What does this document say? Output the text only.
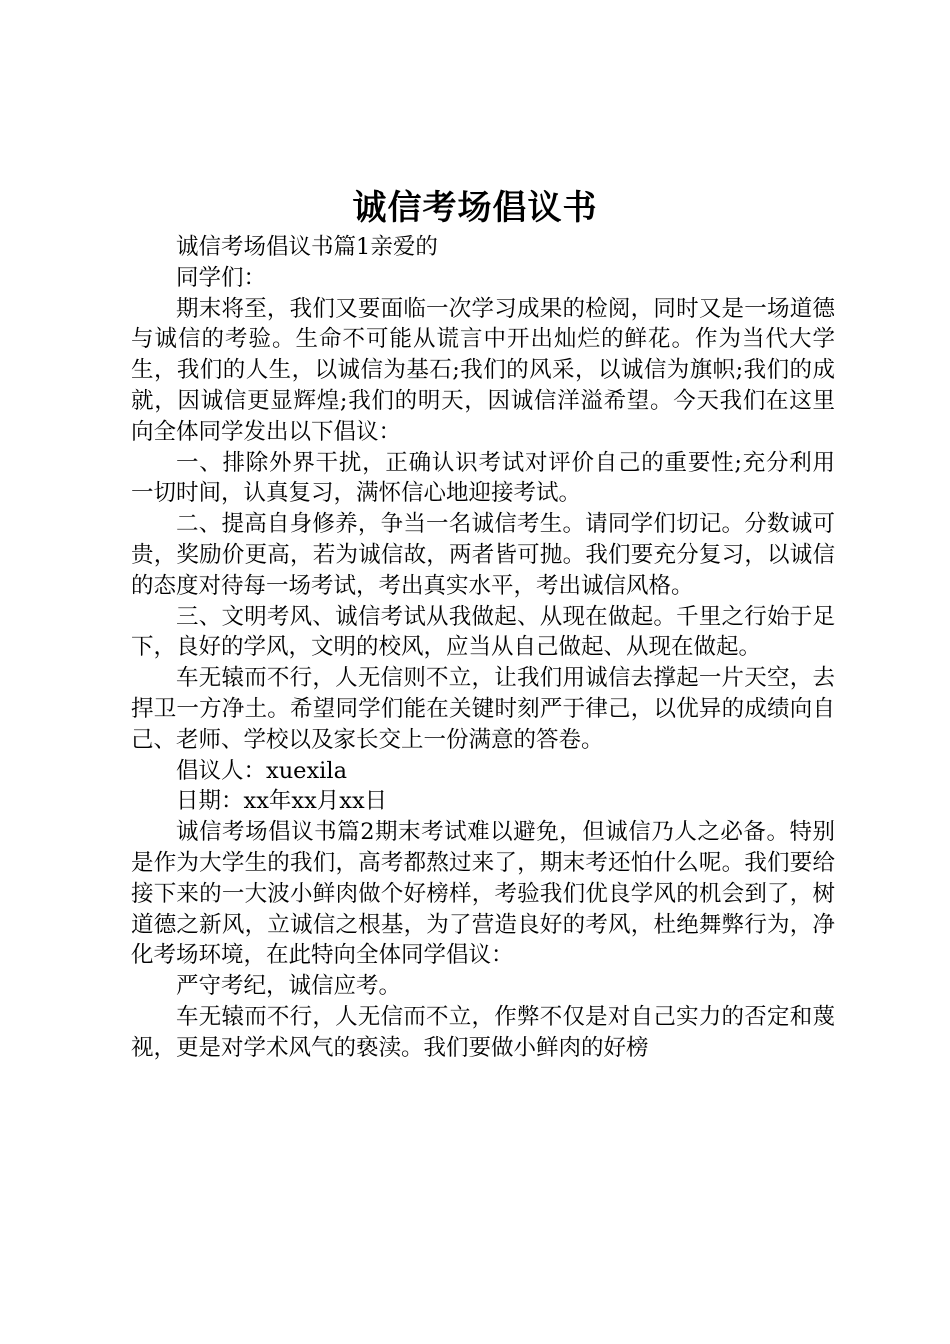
诚信考场倡议书

诚信考场倡议书篇1亲爱的

同学们：

期末将至，我们又要面临一次学习成果的检阅，同时又是一场道德与诚信的考验。生命不可能从谎言中开出灿烂的鲜花。作为当代大学生，我们的人生，以诚信为基石;我们的风采，以诚信为旗帜;我们的成就，因诚信更显辉煌;我们的明天，因诚信洋溢希望。今天我们在这里向全体同学发出以下倡议：

一、排除外界干扰，正确认识考试对评价自己的重要性;充分利用一切时间，认真复习，满怀信心地迎接考试。

二、提高自身修养，争当一名诚信考生。请同学们切记。分数诚可贵，奖励价更高，若为诚信故，两者皆可抛。我们要充分复习，以诚信的态度对待每一场考试，考出真实水平，考出诚信风格。

三、文明考风、诚信考试从我做起、从现在做起。千里之行始于足下，良好的学风，文明的校风，应当从自己做起、从现在做起。

车无辕而不行，人无信则不立，让我们用诚信去撑起一片天空，去捍卫一方净土。希望同学们能在关键时刻严于律己，以优异的成绩向自己、老师、学校以及家长交上一份满意的答卷。

倡议人：xuexila

日期：xx年xx月xx日

诚信考场倡议书篇2期末考试难以避免，但诚信乃人之必备。特别是作为大学生的我们，高考都熬过来了，期末考还怕什么呢。我们要给接下来的一大波小鲜肉做个好榜样，考验我们优良学风的机会到了，树道德之新风，立诚信之根基，为了营造良好的考风，杜绝舞弊行为，净化考场环境，在此特向全体同学倡议：

严守考纪，诚信应考。

车无辕而不行，人无信而不立，作弊不仅是对自己实力的否定和蔑视，更是对学术风气的亵渎。我们要做小鲜肉的好榜
